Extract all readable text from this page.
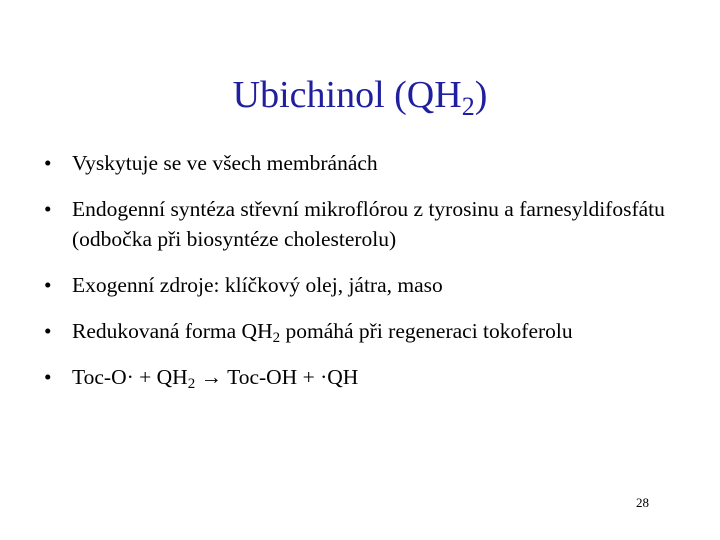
Ubichinol $(QH_2)$
• Vyskytuje se ve všech membránách
• Endogenní syntéza střevní mikroflórou z tyrosinu a farnesyldifosfátu (odbočka při biosyntéze cholesterolu)
• Exogenní zdroje: klíčkový olej, játra, maso
• Redukovaná forma $QH_2$ pomáhá při regeneraci tokoferolu
• $Toc-O\cdot + QH_2 \to Toc-OH + \cdot QH$
28
